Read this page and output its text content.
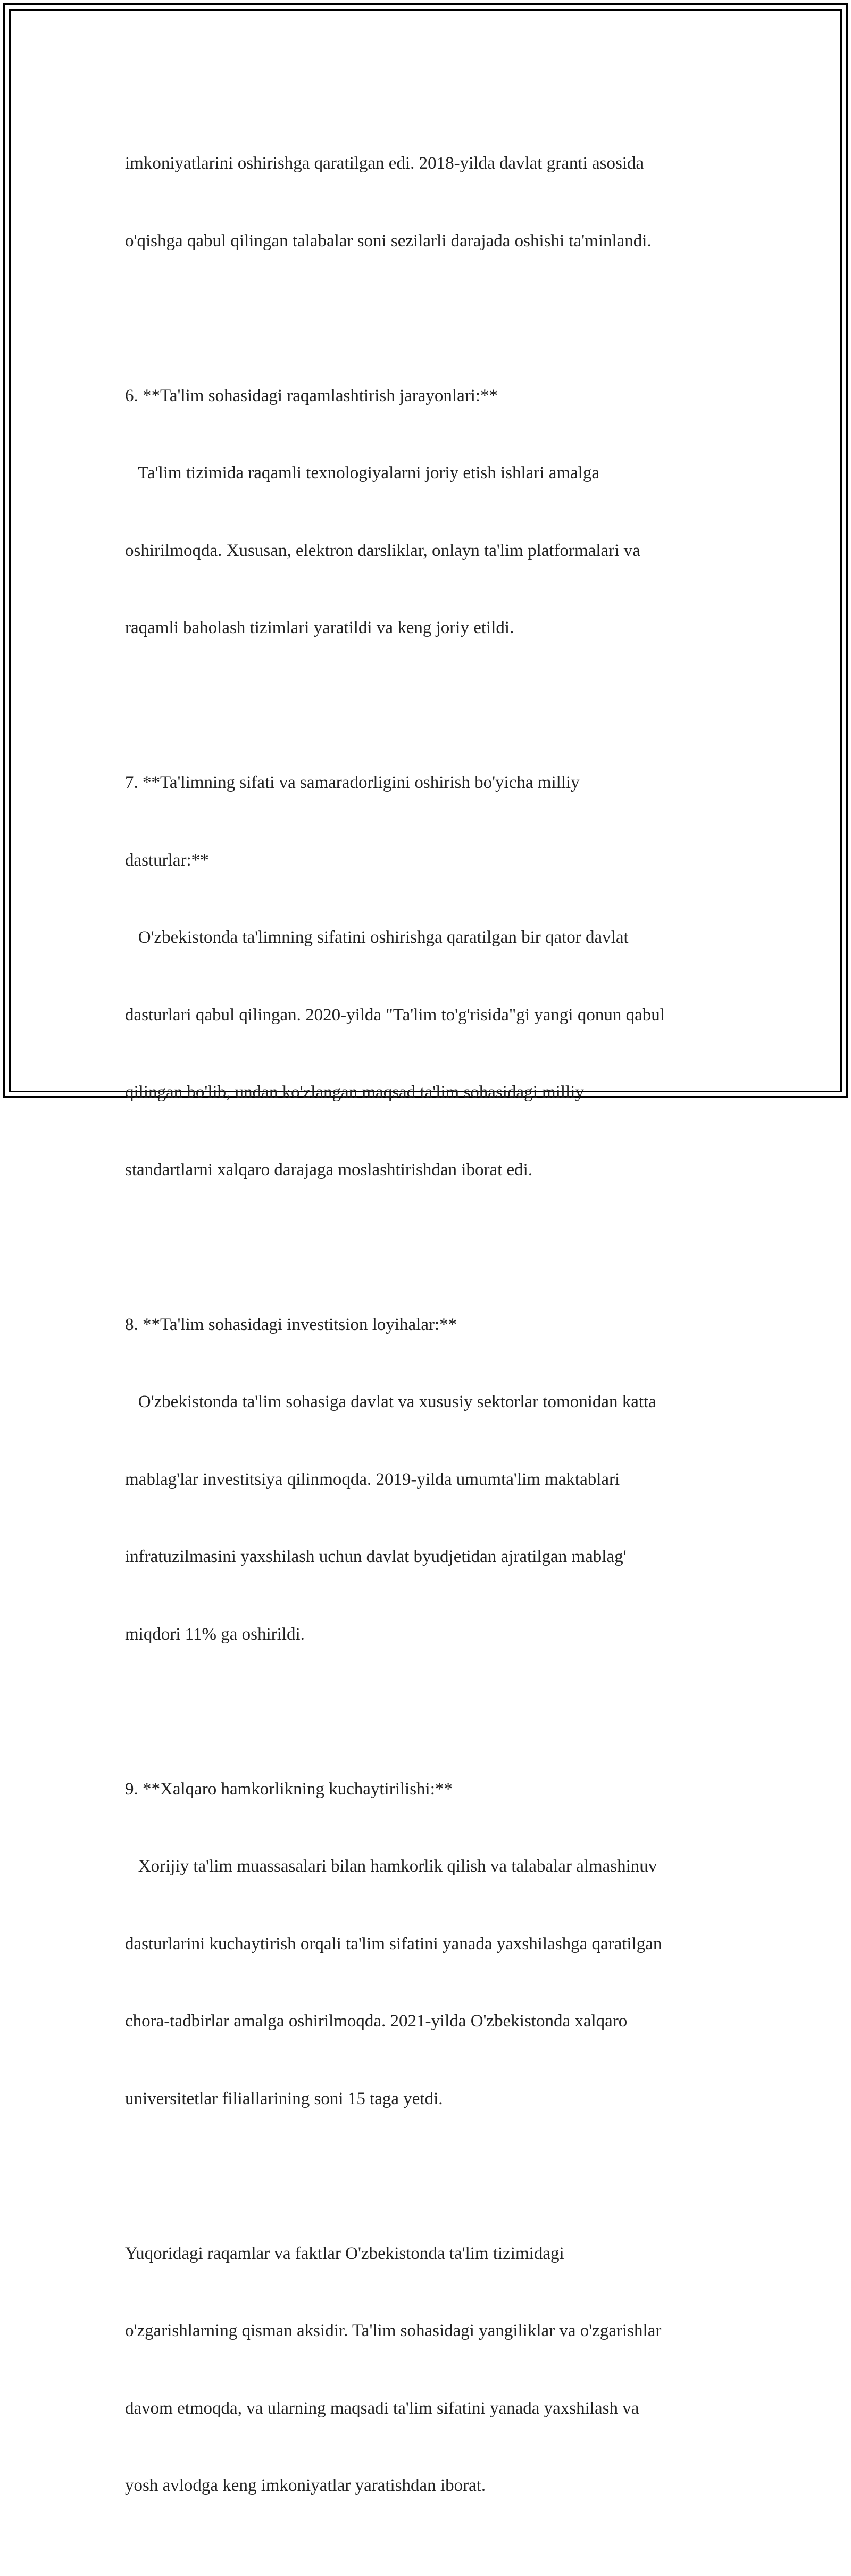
imkoniyatlarini oshirishga qaratilgan edi. 2018-yilda davlat granti asosida

o'qishga qabul qilingan talabalar soni sezilarli darajada oshishi ta'minlandi.

6. **Ta'lim sohasidagi raqamlashtirish jarayonlari:**

Ta'lim tizimida raqamli texnologiyalarni joriy etish ishlari amalga

oshirilmoqda. Xususan, elektron darsliklar, onlayn ta'lim platformalari va

raqamli baholash tizimlari yaratildi va keng joriy etildi.

7. **Ta'limning sifati va samaradorligini oshirish bo'yicha milliy

dasturlar:**

O'zbekistonda ta'limning sifatini oshirishga qaratilgan bir qator davlat

dasturlari qabul qilingan. 2020-yilda "Ta'lim to'g'risida"gi yangi qonun qabul

qilingan bo'lib, undan ko'zlangan maqsad ta'lim sohasidagi milliy

standartlarni xalqaro darajaga moslashtirishdan iborat edi.

8. **Ta'lim sohasidagi investitsion loyihalar:**

O'zbekistonda ta'lim sohasiga davlat va xususiy sektorlar tomonidan katta

mablag'lar investitsiya qilinmoqda. 2019-yilda umumta'lim maktablari

infratuzilmasini yaxshilash uchun davlat byudjetidan ajratilgan mablag'

miqdori 11% ga oshirildi.

9. **Xalqaro hamkorlikning kuchaytirilishi:**

Xorijiy ta'lim muassasalari bilan hamkorlik qilish va talabalar almashinuv

dasturlarini kuchaytirish orqali ta'lim sifatini yanada yaxshilashga qaratilgan

chora-tadbirlar amalga oshirilmoqda. 2021-yilda O'zbekistonda xalqaro

universitetlar filiallarining soni 15 taga yetdi.

Yuqoridagi raqamlar va faktlar O'zbekistonda ta'lim tizimidagi

o'zgarishlarning qisman aksidir. Ta'lim sohasidagi yangiliklar va o'zgarishlar

davom etmoqda, va ularning maqsadi ta'lim sifatini yanada yaxshilash va

yosh avlodga keng imkoniyatlar yaratishdan iborat.
